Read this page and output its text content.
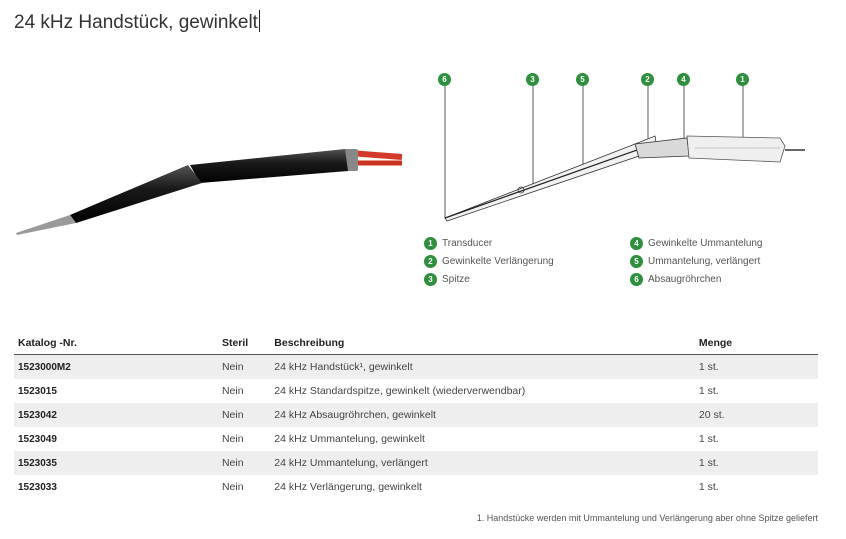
24 kHz Handstück, gewinkelt
6	3	5	2	4	1
1 Transducer
2 Gewinkelte Verlängerung
3 Spitze
4 Gewinkelte Ummantelung
5 Ummantelung, verlängert
6 Absaugröhrchen
Katalog -Nr.	Steril	Beschreibung	Menge
1523000M2	Nein	24 kHz Handstück¹, gewinkelt	1 st.
1523015	Nein	24 kHz Standardspitze, gewinkelt (wiederverwendbar)	1 st.
1523042	Nein	24 kHz Absaugröhrchen, gewinkelt	20 st.
1523049	Nein	24 kHz Ummantelung, gewinkelt	1 st.
1523035	Nein	24 kHz Ummantelung, verlängert	1 st.
1523033	Nein	24 kHz Verlängerung, gewinkelt	1 st.
1. Handstücke werden mit Ummantelung und Verlängerung aber ohne Spitze geliefert
